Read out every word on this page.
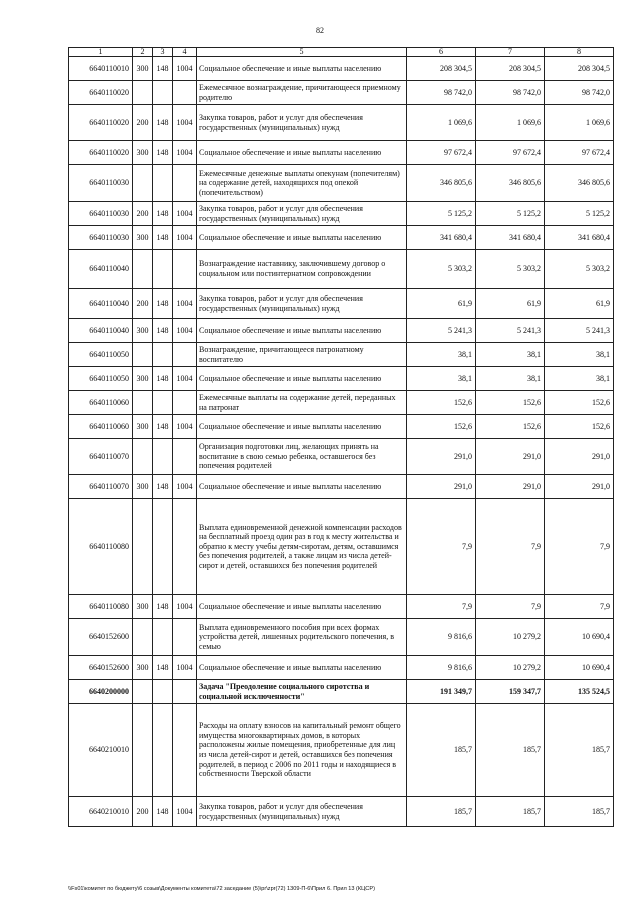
82
1	2	3	4	5	6	7	8
6640110010	300	148	1004	Социальное обеспечение и иные выплаты населению	208 304,5	208 304,5	208 304,5
6640110020				Ежемесячное вознаграждение, причитающееся приемному родителю	98 742,0	98 742,0	98 742,0
6640110020	200	148	1004	Закупка товаров, работ и услуг для обеспечения государственных (муниципальных) нужд	1 069,6	1 069,6	1 069,6
6640110020	300	148	1004	Социальное обеспечение и иные выплаты населению	97 672,4	97 672,4	97 672,4
6640110030				Ежемесячные денежные выплаты опекунам (попечителям) на содержание детей, находящихся под опекой (попечительством)	346 805,6	346 805,6	346 805,6
6640110030	200	148	1004	Закупка товаров, работ и услуг для обеспечения государственных (муниципальных) нужд	5 125,2	5 125,2	5 125,2
6640110030	300	148	1004	Социальное обеспечение и иные выплаты населению	341 680,4	341 680,4	341 680,4
6640110040				Вознаграждение наставнику, заключившему договор о социальном или постинтернатном сопровождении	5 303,2	5 303,2	5 303,2
6640110040	200	148	1004	Закупка товаров, работ и услуг для обеспечения государственных (муниципальных) нужд	61,9	61,9	61,9
6640110040	300	148	1004	Социальное обеспечение и иные выплаты населению	5 241,3	5 241,3	5 241,3
6640110050				Вознаграждение, причитающееся патронатному воспитателю	38,1	38,1	38,1
6640110050	300	148	1004	Социальное обеспечение и иные выплаты населению	38,1	38,1	38,1
6640110060				Ежемесячные выплаты на содержание детей, переданных на патронат	152,6	152,6	152,6
6640110060	300	148	1004	Социальное обеспечение и иные выплаты населению	152,6	152,6	152,6
6640110070				Организация подготовки лиц, желающих принять на воспитание в свою семью ребенка, оставшегося без попечения родителей	291,0	291,0	291,0
6640110070	300	148	1004	Социальное обеспечение и иные выплаты населению	291,0	291,0	291,0
6640110080				Выплата единовременной денежной компенсации расходов на бесплатный проезд один раз в год к месту жительства и обратно к месту учебы детям-сиротам, детям, оставшимся без попечения родителей, а также лицам из числа детей-сирот и детей, оставшихся без попечения родителей	7,9	7,9	7,9
6640110080	300	148	1004	Социальное обеспечение и иные выплаты населению	7,9	7,9	7,9
6640152600				Выплата единовременного пособия при всех формах устройства детей, лишенных родительского попечения, в семью	9 816,6	10 279,2	10 690,4
6640152600	300	148	1004	Социальное обеспечение и иные выплаты населению	9 816,6	10 279,2	10 690,4
6640200000				Задача "Преодоление социального сиротства и социальной исключенности"	191 349,7	159 347,7	135 524,5
6640210010				Расходы на оплату взносов на капитальный ремонт общего имущества многоквартирных домов, в которых расположены жилые помещения, приобретенные для лиц из числа детей-сирот и детей, оставшихся без попечения родителей, в период с 2006 по 2011 годы и находящиеся в собственности Тверской области	185,7	185,7	185,7
6640210010	200	148	1004	Закупка товаров, работ и услуг для обеспечения государственных (муниципальных) нужд	185,7	185,7	185,7
\\Fs01\комитет по бюджету\6 созыв\Документы комитета\72 заседание (5)\pr\zpr(72) 1309-П-6\Прил 6. Прил 13 (КЦСР)
